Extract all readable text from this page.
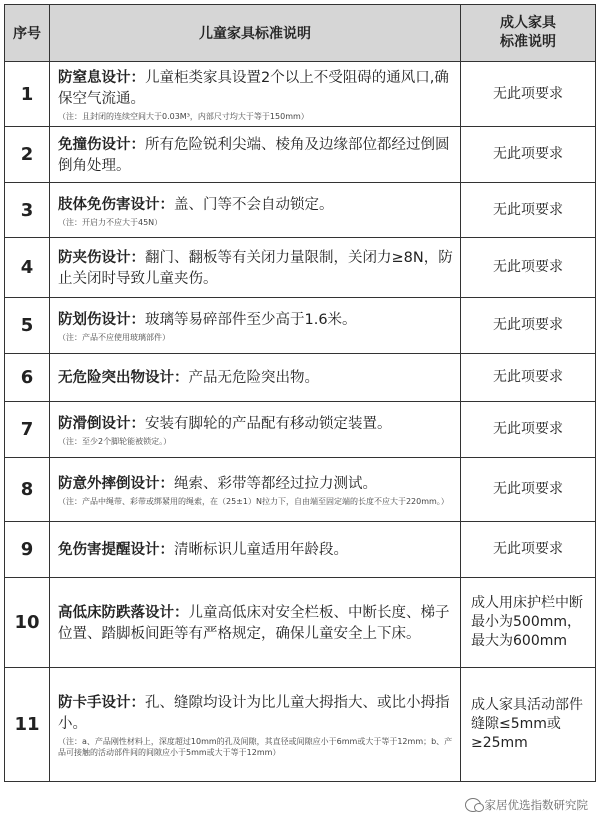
序号	儿童家具标准说明	成人家具
标准说明
1	防窒息设计：儿童柜类家具设置2个以上不受阻碍的通风口,确保空气流通。
（注：且封闭的连续空间大于0.03M³，内部尺寸均大于等于150mm）	无此项要求
2	免撞伤设计：所有危险锐利尖端、棱角及边缘部位都经过倒圆倒角处理。	无此项要求
3	肢体免伤害设计：盖、门等不会自动锁定。
（注：开启力不应大于45N）	无此项要求
4	防夹伤设计：翻门、翻板等有关闭力量限制，关闭力≥8N，防止关闭时导致儿童夹伤。	无此项要求
5	防划伤设计：玻璃等易碎部件至少高于1.6米。
（注：产品不应使用玻璃部件）	无此项要求
6	无危险突出物设计：产品无危险突出物。	无此项要求
7	防滑倒设计：安装有脚轮的产品配有移动锁定装置。
（注：至少2个脚轮能被锁定。）	无此项要求
8	防意外摔倒设计：绳索、彩带等都经过拉力测试。
（注：产品中绳带、彩带或绑紧用的绳索，在（25±1）N拉力下，自由端至固定端的长度不应大于220mm。）	无此项要求
9	免伤害提醒设计：清晰标识儿童适用年龄段。	无此项要求
10	高低床防跌落设计：儿童高低床对安全栏板、中断长度、梯子位置、踏脚板间距等有严格规定，确保儿童安全上下床。	成人用床护栏中断最小为500mm，最大为600mm
11	防卡手设计：孔、缝隙均设计为比儿童大拇指大、或比小拇指小。
（注：a、产品刚性材料上，深度超过10mm的孔及间隙，其直径或间隙应小于6mm或大于等于12mm；b、产品可接触的活动部件间的间隙应小于5mm或大于等于12mm）	成人家具活动部件缝隙≤5mm或≥25mm
家居优选指数研究院
